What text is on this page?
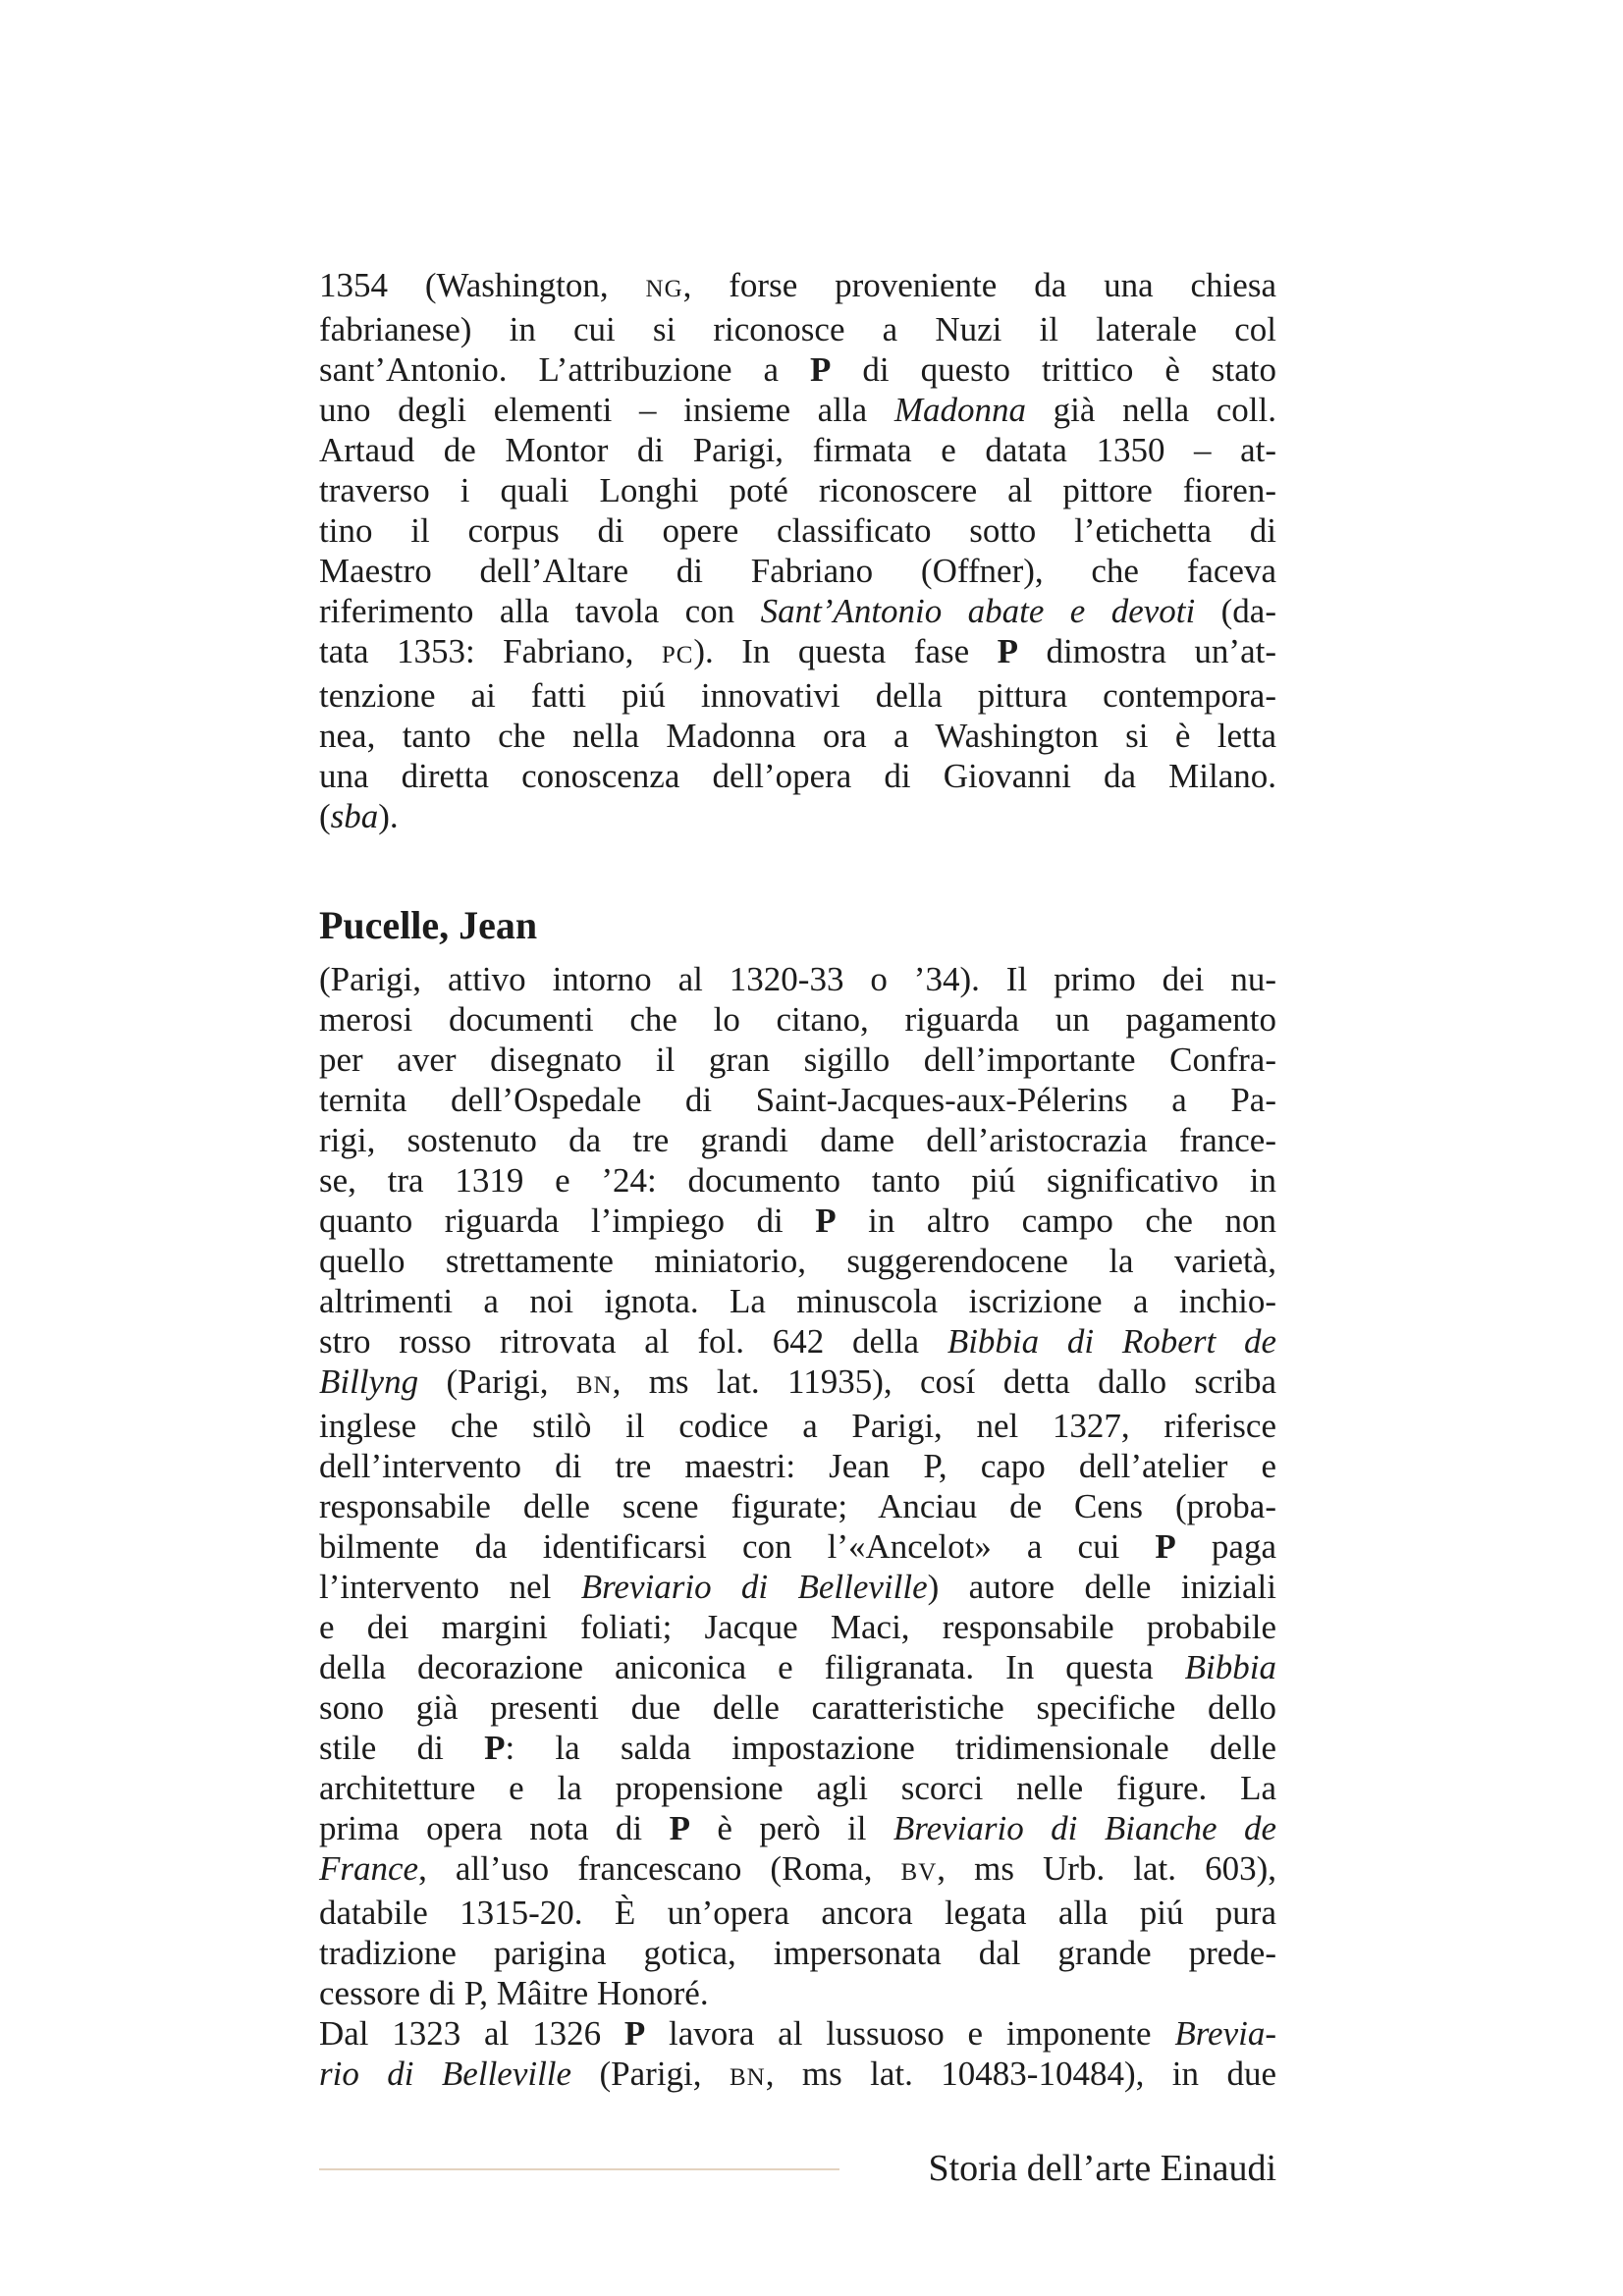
1354 (Washington, NG, forse proveniente da una chiesa
fabrianese) in cui si riconosce a Nuzi il laterale col
sant’Antonio. L’attribuzione a P di questo trittico è stato
uno degli elementi – insieme alla Madonna già nella coll.
Artaud de Montor di Parigi, firmata e datata 1350 – at-
traverso i quali Longhi poté riconoscere al pittore fioren-
tino il corpus di opere classificato sotto l’etichetta di
Maestro dell’Altare di Fabriano (Offner), che faceva
riferimento alla tavola con Sant’Antonio abate e devoti (da-
tata 1353: Fabriano, PC). In questa fase P dimostra un’at-
tenzione ai fatti piú innovativi della pittura contempora-
nea, tanto che nella Madonna ora a Washington si è letta
una diretta conoscenza dell’opera di Giovanni da Milano.
(sba).
Pucelle, Jean
(Parigi, attivo intorno al 1320-33 o ’34). Il primo dei nu-
merosi documenti che lo citano, riguarda un pagamento
per aver disegnato il gran sigillo dell’importante Confra-
ternita dell’Ospedale di Saint-Jacques-aux-Pélerins a Pa-
rigi, sostenuto da tre grandi dame dell’aristocrazia france-
se, tra 1319 e ’24: documento tanto piú significativo in
quanto riguarda l’impiego di P in altro campo che non
quello strettamente miniatorio, suggerendocene la varietà,
altrimenti a noi ignota. La minuscola iscrizione a inchio-
stro rosso ritrovata al fol. 642 della Bibbia di Robert de
Billyng (Parigi, BN, ms lat. 11935), cosí detta dallo scriba
inglese che stilò il codice a Parigi, nel 1327, riferisce
dell’intervento di tre maestri: Jean P, capo dell’atelier e
responsabile delle scene figurate; Anciau de Cens (proba-
bilmente da identificarsi con l’«Ancelot» a cui P paga
l’intervento nel Breviario di Belleville) autore delle iniziali
e dei margini foliati; Jacque Maci, responsabile probabile
della decorazione aniconica e filigranata. In questa Bibbia
sono già presenti due delle caratteristiche specifiche dello
stile di P: la salda impostazione tridimensionale delle
architetture e la propensione agli scorci nelle figure. La
prima opera nota di P è però il Breviario di Bianche de
France, all’uso francescano (Roma, BV, ms Urb. lat. 603),
databile 1315-20. È un’opera ancora legata alla piú pura
tradizione parigina gotica, impersonata dal grande prede-
cessore di P, Mâitre Honoré.
Dal 1323 al 1326 P lavora al lussuoso e imponente Brevia-
rio di Belleville (Parigi, BN, ms lat. 10483-10484), in due
Storia dell’arte Einaudi
